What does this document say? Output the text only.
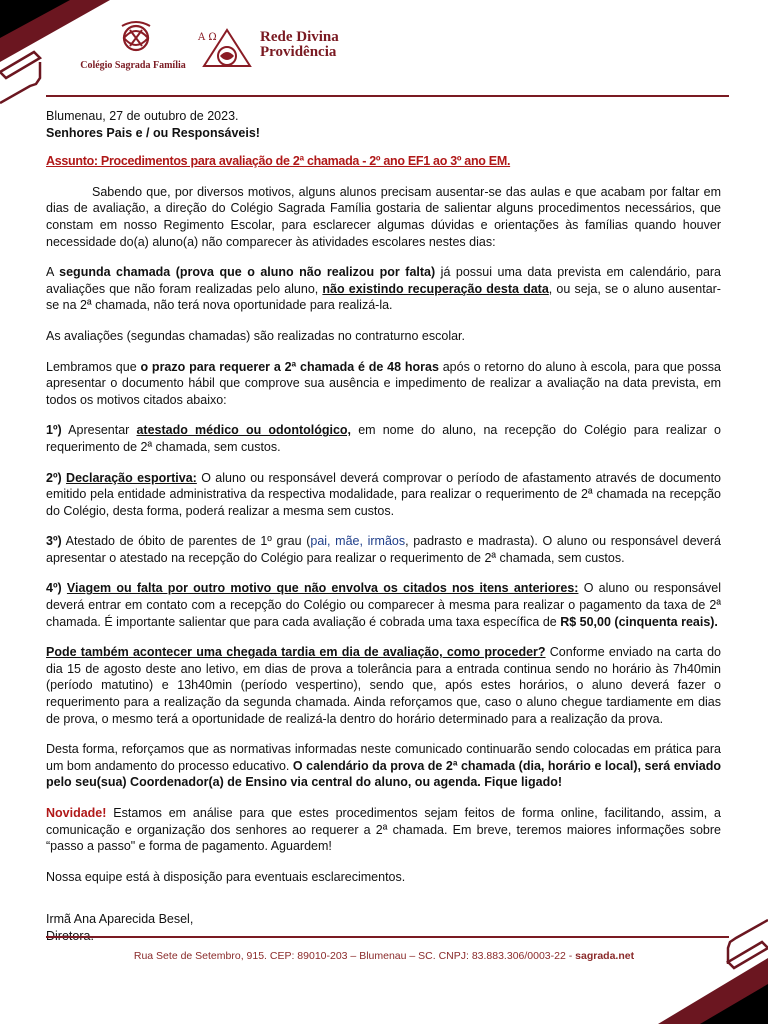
Colégio Sagrada Família
A Ω	Rede Divina
Providência

Blumenau, 27 de outubro de 2023.

Senhores Pais e / ou Responsáveis!

Assunto: Procedimentos para avaliação de 2ª chamada - 2º ano EF1 ao 3º ano EM.

Sabendo que, por diversos motivos, alguns alunos precisam ausentar-se das aulas e que acabam por faltar em dias de avaliação, a direção do Colégio Sagrada Família gostaria de salientar alguns procedimentos necessários, que constam em nosso Regimento Escolar, para esclarecer algumas dúvidas e orientações às famílias quando houver necessidade do(a) aluno(a) não comparecer às atividades escolares nestes dias:

A segunda chamada (prova que o aluno não realizou por falta) já possui uma data prevista em calendário, para avaliações que não foram realizadas pelo aluno, não existindo recuperação desta data, ou seja, se o aluno ausentar-se na 2ª chamada, não terá nova oportunidade para realizá-la.

As avaliações (segundas chamadas) são realizadas no contraturno escolar.

Lembramos que o prazo para requerer a 2ª chamada é de 48 horas após o retorno do aluno à escola, para que possa apresentar o documento hábil que comprove sua ausência e impedimento de realizar a avaliação na data prevista, em todos os motivos citados abaixo:

1º) Apresentar atestado médico ou odontológico, em nome do aluno, na recepção do Colégio para realizar o requerimento de 2ª chamada, sem custos.

2º) Declaração esportiva: O aluno ou responsável deverá comprovar o período de afastamento através de documento emitido pela entidade administrativa da respectiva modalidade, para realizar o requerimento de 2ª chamada na recepção do Colégio, desta forma, poderá realizar a mesma sem custos.

3º) Atestado de óbito de parentes de 1º grau (pai, mãe, irmãos, padrasto e madrasta). O aluno ou responsável deverá apresentar o atestado na recepção do Colégio para realizar o requerimento de 2ª chamada, sem custos.

4º) Viagem ou falta por outro motivo que não envolva os citados nos itens anteriores: O aluno ou responsável deverá entrar em contato com a recepção do Colégio ou comparecer à mesma para realizar o pagamento da taxa de 2ª chamada. É importante salientar que para cada avaliação é cobrada uma taxa específica de R$ 50,00 (cinquenta reais).

Pode também acontecer uma chegada tardia em dia de avaliação, como proceder? Conforme enviado na carta do dia 15 de agosto deste ano letivo, em dias de prova a tolerância para a entrada continua sendo no horário às 7h40min (período matutino) e 13h40min (período vespertino), sendo que, após estes horários, o aluno deverá fazer o requerimento para a realização da segunda chamada. Ainda reforçamos que, caso o aluno chegue tardiamente em dias de prova, o mesmo terá a oportunidade de realizá-la dentro do horário determinado para a realização da prova.

Desta forma, reforçamos que as normativas informadas neste comunicado continuarão sendo colocadas em prática para um bom andamento do processo educativo. O calendário da prova de 2ª chamada (dia, horário e local), será enviado pelo seu(sua) Coordenador(a) de Ensino via central do aluno, ou agenda. Fique ligado!

Novidade! Estamos em análise para que estes procedimentos sejam feitos de forma online, facilitando, assim, a comunicação e organização dos senhores ao requerer a 2ª chamada. Em breve, teremos maiores informações sobre “passo a passo" e forma de pagamento. Aguardem!

Nossa equipe está à disposição para eventuais esclarecimentos.

Irmã Ana Aparecida Besel,

Rua Sete de Setembro, 915. CEP: 89010-203 – Blumenau – SC. CNPJ: 83.883.306/0003-22 - sagrada.net
